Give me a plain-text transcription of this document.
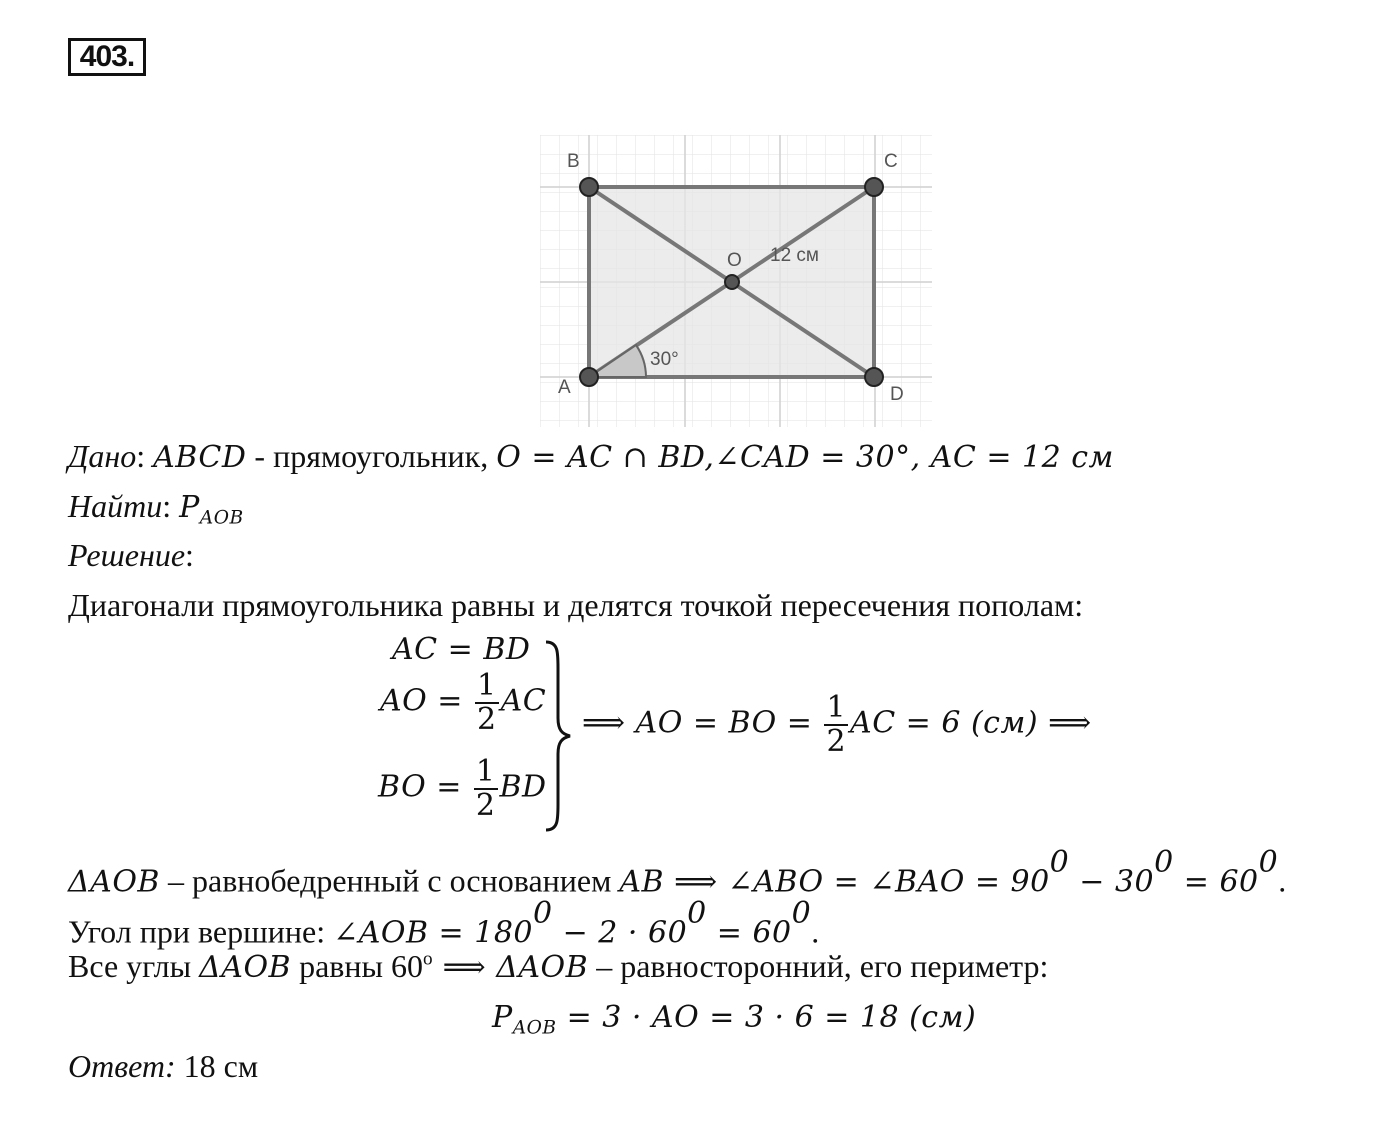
403.
B	C
A	D
O 12 см
30°
Дано: ABCD - прямоугольник, O = AC ∩ BD,∠CAD = 30°, AC = 12 см
Найти: $P_{AOB}$
Решение:
Диагонали прямоугольника равны и делятся точкой пересечения пополам:
AC = BD
AO = $\frac{1}{2}$ AC
BO = $\frac{1}{2}$ BD
⟹ AO = BO = $\frac{1}{2}$ AC = 6 (см) ⟹
ΔAOB – равнобедренный с основанием AB ⟹ ∠ABO = ∠BAO = $90^0 - 30^0 = 60^0$.
Угол при вершине: ∠AOB = $180^0 - 2 \cdot 60^0 = 60^0$.
Все углы ΔAOB равны 60$^o$ ⟹ ΔAOB – равносторонний, его периметр:
$P_{AOB} = 3$ · AO = 3 · 6 = 18 (см)
Ответ: 18 см
